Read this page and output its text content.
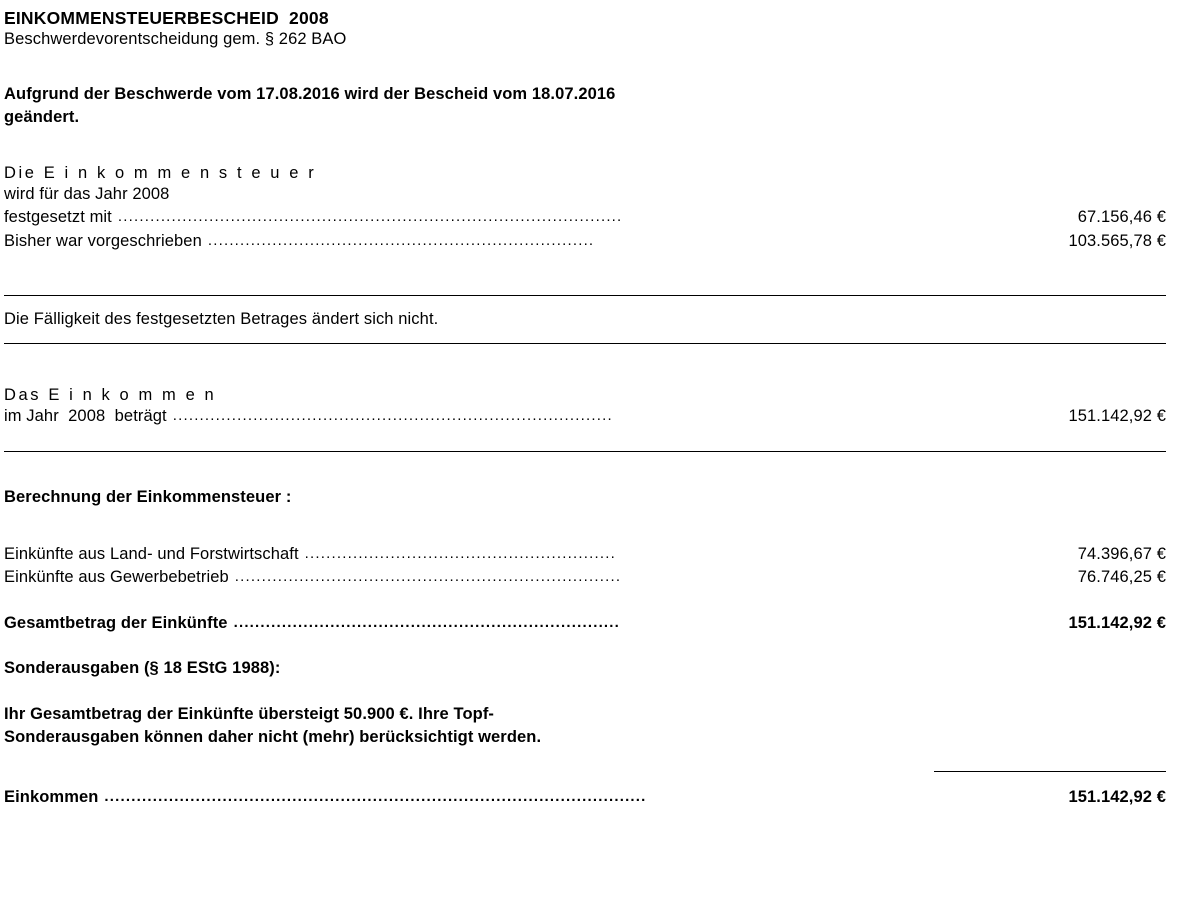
EINKOMMENSTEUERBESCHEID  2008
Beschwerdevorentscheidung gem. § 262 BAO
Aufgrund der Beschwerde vom 17.08.2016 wird der Bescheid vom 18.07.2016
geändert.
Die E i n k o m m e n s t e u e r
wird für das Jahr 2008
festgesetzt mit ..............................................................................................	67.156,46 €
Bisher war vorgeschrieben ........................................................................	103.565,78 €
Die Fälligkeit des festgesetzten Betrages ändert sich nicht.
Das E i n k o m m e n
im Jahr  2008  beträgt ..................................................................................	151.142,92 €
Berechnung der Einkommensteuer :
Einkünfte aus Land- und Forstwirtschaft ..........................................................	74.396,67 €
Einkünfte aus Gewerbebetrieb ........................................................................	76.746,25 €
Gesamtbetrag der Einkünfte ........................................................................	151.142,92 €
Sonderausgaben (§ 18 EStG 1988):
Ihr Gesamtbetrag der Einkünfte übersteigt 50.900 €. Ihre Topf-
Sonderausgaben können daher nicht (mehr) berücksichtigt werden.
Einkommen .....................................................................................................	151.142,92 €
